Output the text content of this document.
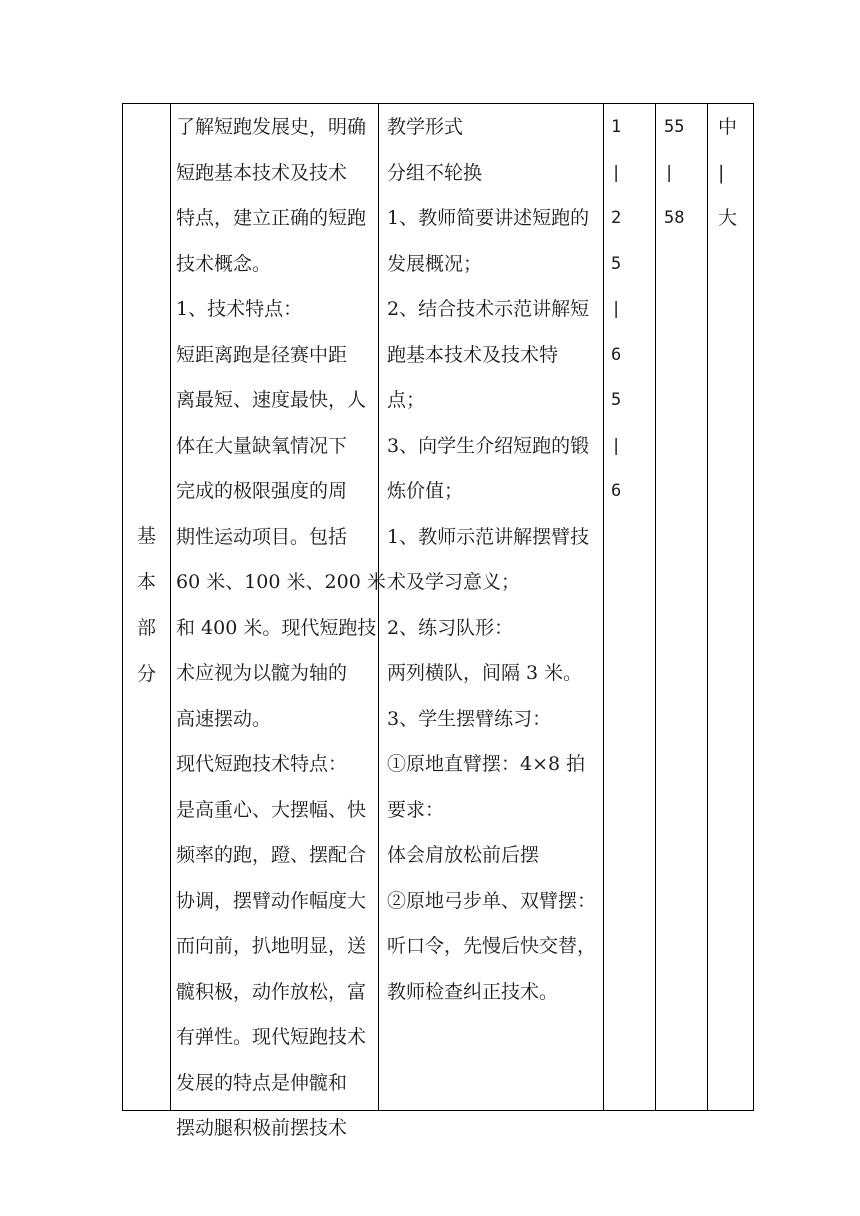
基
本
部
分
了解短跑发展史，明确
短跑基本技术及技术
特点，建立正确的短跑
技术概念。
1、技术特点：
短距离跑是径赛中距
离最短、速度最快，人
体在大量缺氧情况下
完成的极限强度的周
期性运动项目。包括
60 米、100 米、200 米
和 400 米。现代短跑技
术应视为以髋为轴的
高速摆动。
现代短跑技术特点：
是高重心、大摆幅、快
频率的跑，蹬、摆配合
协调，摆臂动作幅度大
而向前，扒地明显，送
髋积极，动作放松，富
有弹性。现代短跑技术
发展的特点是伸髋和
摆动腿积极前摆技术
教学形式
分组不轮换
1、教师简要讲述短跑的
发展概况；
2、结合技术示范讲解短
跑基本技术及技术特
点；
3、向学生介绍短跑的锻
炼价值；
1、教师示范讲解摆臂技
术及学习意义；
2、练习队形：
两列横队，间隔 3 米。
3、学生摆臂练习：
①原地直臂摆：4×8 拍
要求：
体会肩放松前后摆
②原地弓步单、双臂摆：
听口令，先慢后快交替，
教师检查纠正技术。
1
|
2
5
|
6
5
|
6
55
|
58
中
|
大
